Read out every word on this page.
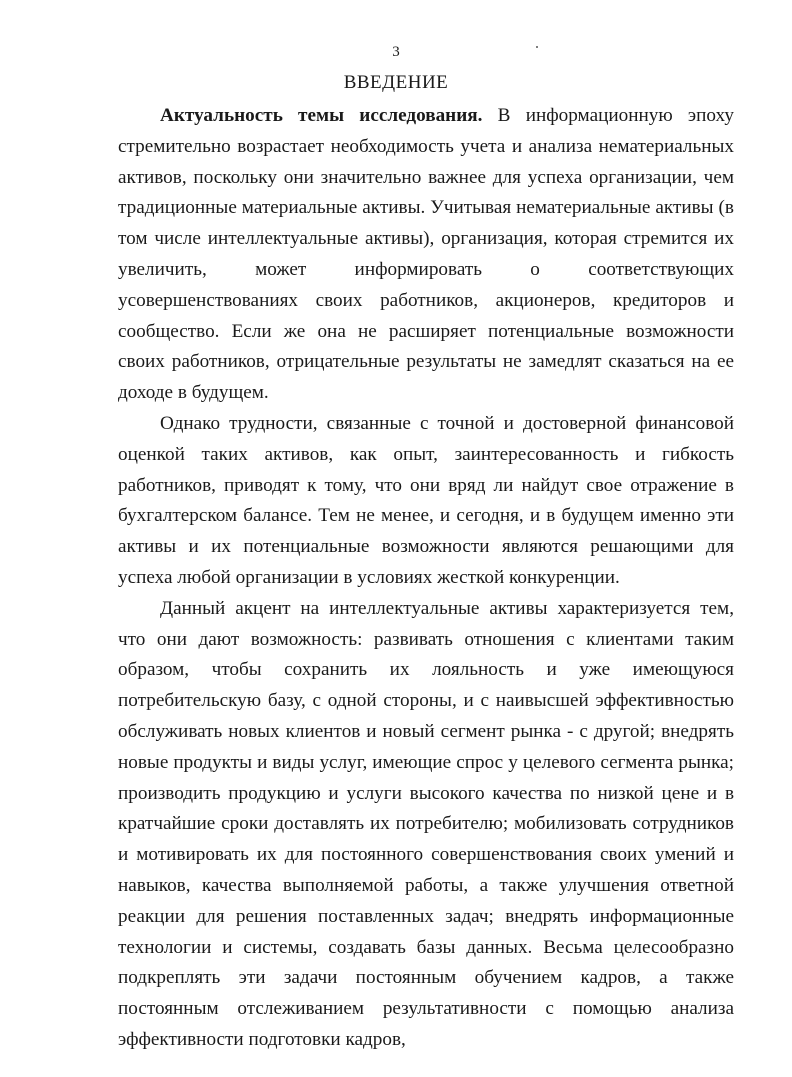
3
ВВЕДЕНИЕ

Актуальность темы исследования. В информационную эпоху стремительно возрастает необходимость учета и анализа нематериальных активов, поскольку они значительно важнее для успеха организации, чем традиционные материальные активы. Учитывая нематериальные активы (в том числе интеллектуальные активы), организация, которая стремится их увеличить, может информировать о соответствующих усовершенствованиях своих работников, акционеров, кредиторов и сообщество. Если же она не расширяет потенциальные возможности своих работников, отрицательные результаты не замедлят сказаться на ее доходе в будущем.

Однако трудности, связанные с точной и достоверной финансовой оценкой таких активов, как опыт, заинтересованность и гибкость работников, приводят к тому, что они вряд ли найдут свое отражение в бухгалтерском балансе. Тем не менее, и сегодня, и в будущем именно эти активы и их потенциальные возможности являются решающими для успеха любой организации в условиях жесткой конкуренции.

Данный акцент на интеллектуальные активы характеризуется тем, что они дают возможность: развивать отношения с клиентами таким образом, чтобы сохранить их лояльность и уже имеющуюся потребительскую базу, с одной стороны, и с наивысшей эффективностью обслуживать новых клиентов и новый сегмент рынка - с другой; внедрять новые продукты и виды услуг, имеющие спрос у целевого сегмента рынка; производить продукцию и услуги высокого качества по низкой цене и в кратчайшие сроки доставлять их потребителю; мобилизовать сотрудников и мотивировать их для постоянного совершенствования своих умений и навыков, качества выполняемой работы, а также улучшения ответной реакции для решения поставленных задач; внедрять информационные технологии и системы, создавать базы данных. Весьма целесообразно подкреплять эти задачи постоянным обучением кадров, а также постоянным отслеживанием результативности с помощью анализа эффективности подготовки кадров,
